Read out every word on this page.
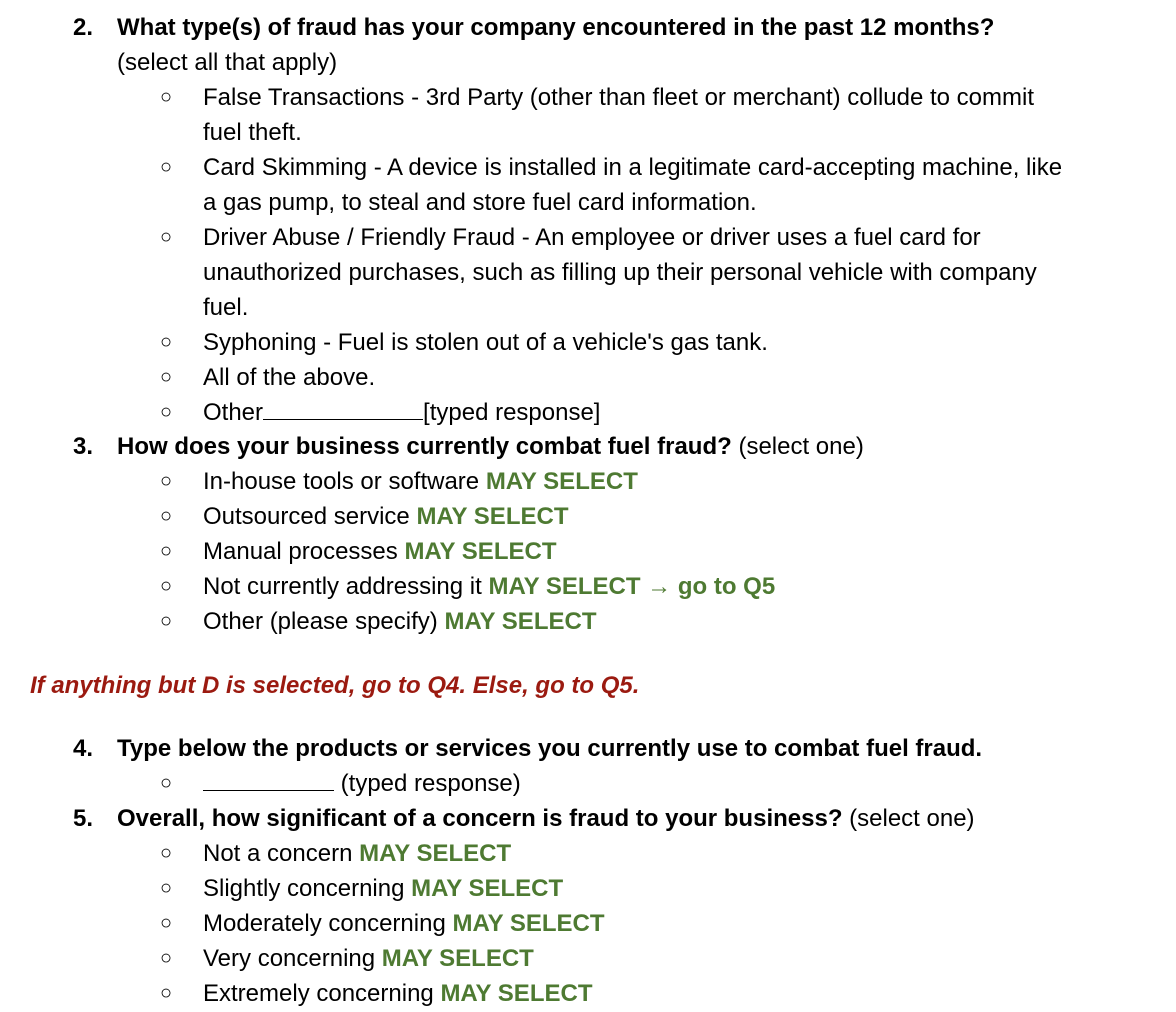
2. What type(s) of fraud has your company encountered in the past 12 months?
(select all that apply)
○ False Transactions - 3rd Party (other than fleet or merchant) collude to commit
fuel theft.
○ Card Skimming - A device is installed in a legitimate card-accepting machine, like
a gas pump, to steal and store fuel card information.
○ Driver Abuse / Friendly Fraud - An employee or driver uses a fuel card for
unauthorized purchases, such as filling up their personal vehicle with company
fuel.
○ Syphoning - Fuel is stolen out of a vehicle's gas tank.
○ All of the above.
○ Other	[typed response]
3. How does your business currently combat fuel fraud? (select one)
○ In-house tools or software MAY SELECT
○ Outsourced service MAY SELECT
○ Manual processes MAY SELECT
○ Not currently addressing it MAY SELECT → go to Q5
○ Other (please specify) MAY SELECT
If anything but D is selected, go to Q4. Else, go to Q5.
4. Type below the products or services you currently use to combat fuel fraud.
○	(typed response)
5. Overall, how significant of a concern is fraud to your business? (select one)
○ Not a concern MAY SELECT
○ Slightly concerning MAY SELECT
○ Moderately concerning MAY SELECT
○ Very concerning MAY SELECT
○ Extremely concerning MAY SELECT
